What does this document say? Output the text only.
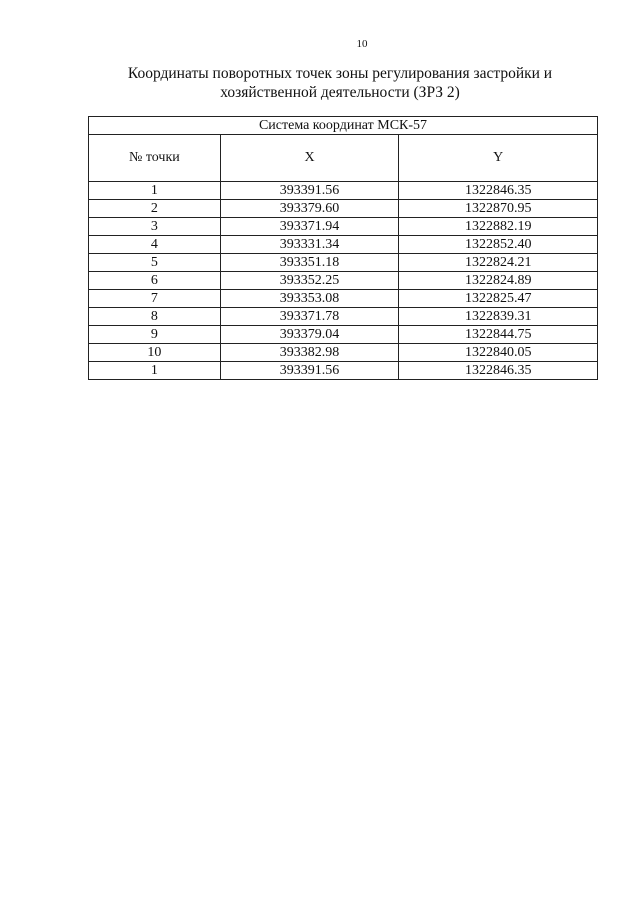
10
Координаты поворотных точек зоны регулирования застройки и
хозяйственной деятельности (ЗРЗ 2)
Система координат МСК-57		
№ точки	X	Y
1	393391.56	1322846.35
2	393379.60	1322870.95
3	393371.94	1322882.19
4	393331.34	1322852.40
5	393351.18	1322824.21
6	393352.25	1322824.89
7	393353.08	1322825.47
8	393371.78	1322839.31
9	393379.04	1322844.75
10	393382.98	1322840.05
1	393391.56	1322846.35
